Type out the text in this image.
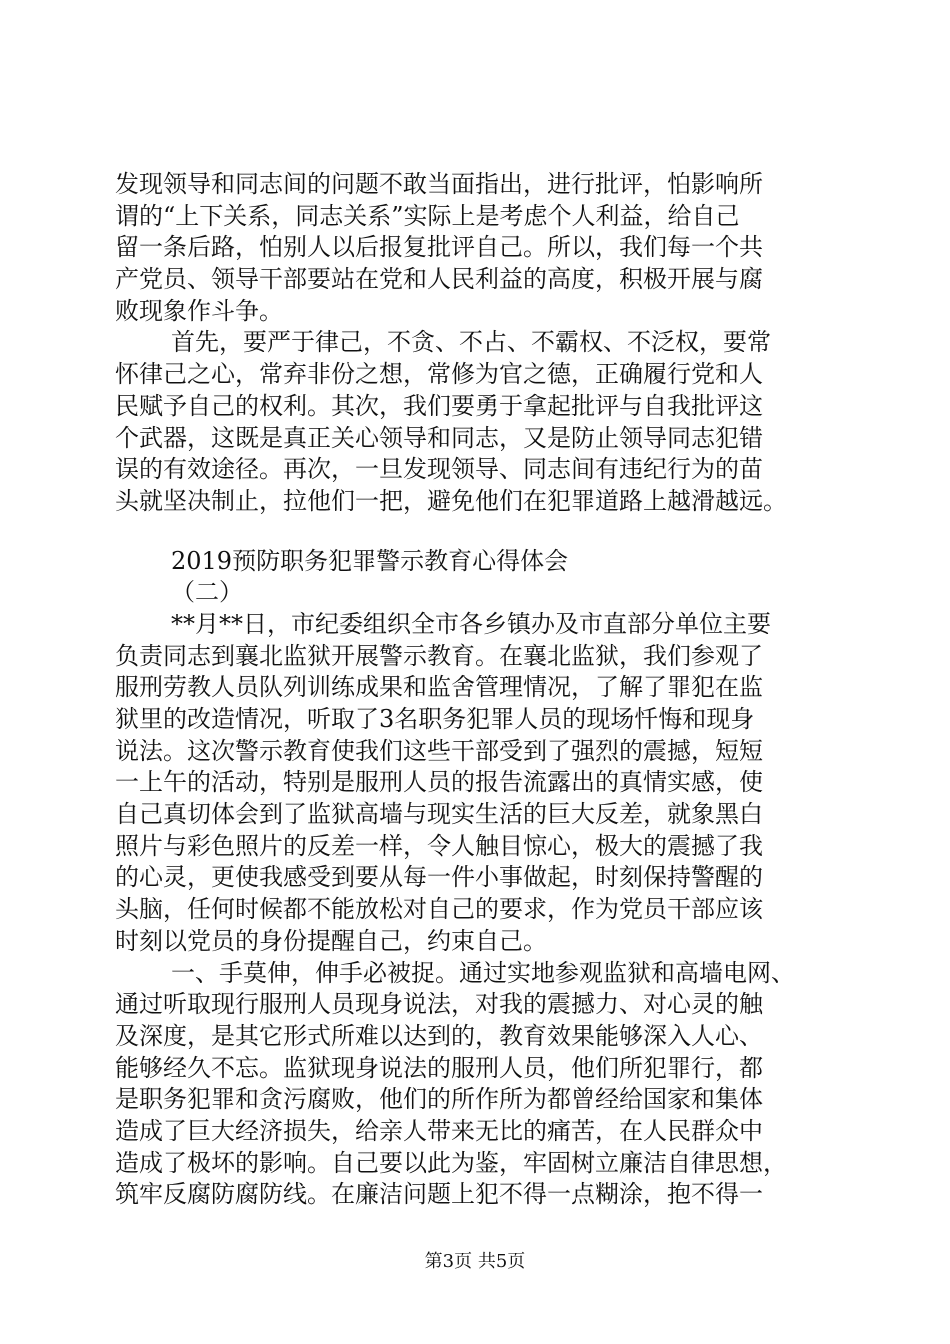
发现领导和同志间的问题不敢当面指出，进行批评，怕影响所
谓的“上下关系，同志关系”实际上是考虑个人利益，给自己
留一条后路，怕别人以后报复批评自己。所以，我们每一个共
产党员、领导干部要站在党和人民利益的高度，积极开展与腐
败现象作斗争。
首先，要严于律己，不贪、不占、不霸权、不泛权，要常
怀律己之心，常弃非份之想，常修为官之德，正确履行党和人
民赋予自己的权利。其次，我们要勇于拿起批评与自我批评这
个武器，这既是真正关心领导和同志，又是防止领导同志犯错
误的有效途径。再次，一旦发现领导、同志间有违纪行为的苗
头就坚决制止，拉他们一把，避免他们在犯罪道路上越滑越远。
2019预防职务犯罪警示教育心得体会
（二）
**月**日，市纪委组织全市各乡镇办及市直部分单位主要
负责同志到襄北监狱开展警示教育。在襄北监狱，我们参观了
服刑劳教人员队列训练成果和监舍管理情况，了解了罪犯在监
狱里的改造情况，听取了3名职务犯罪人员的现场忏悔和现身
说法。这次警示教育使我们这些干部受到了强烈的震撼，短短
一上午的活动，特别是服刑人员的报告流露出的真情实感，使
自己真切体会到了监狱高墙与现实生活的巨大反差，就象黑白
照片与彩色照片的反差一样，令人触目惊心，极大的震撼了我
的心灵，更使我感受到要从每一件小事做起，时刻保持警醒的
头脑，任何时候都不能放松对自己的要求，作为党员干部应该
时刻以党员的身份提醒自己，约束自己。
一、手莫伸，伸手必被捉。通过实地参观监狱和高墙电网、
通过听取现行服刑人员现身说法，对我的震撼力、对心灵的触
及深度，是其它形式所难以达到的，教育效果能够深入人心、
能够经久不忘。监狱现身说法的服刑人员，他们所犯罪行，都
是职务犯罪和贪污腐败，他们的所作所为都曾经给国家和集体
造成了巨大经济损失，给亲人带来无比的痛苦，在人民群众中
造成了极坏的影响。自己要以此为鉴，牢固树立廉洁自律思想，
筑牢反腐防腐防线。在廉洁问题上犯不得一点糊涂，抱不得一
第3页 共5页
